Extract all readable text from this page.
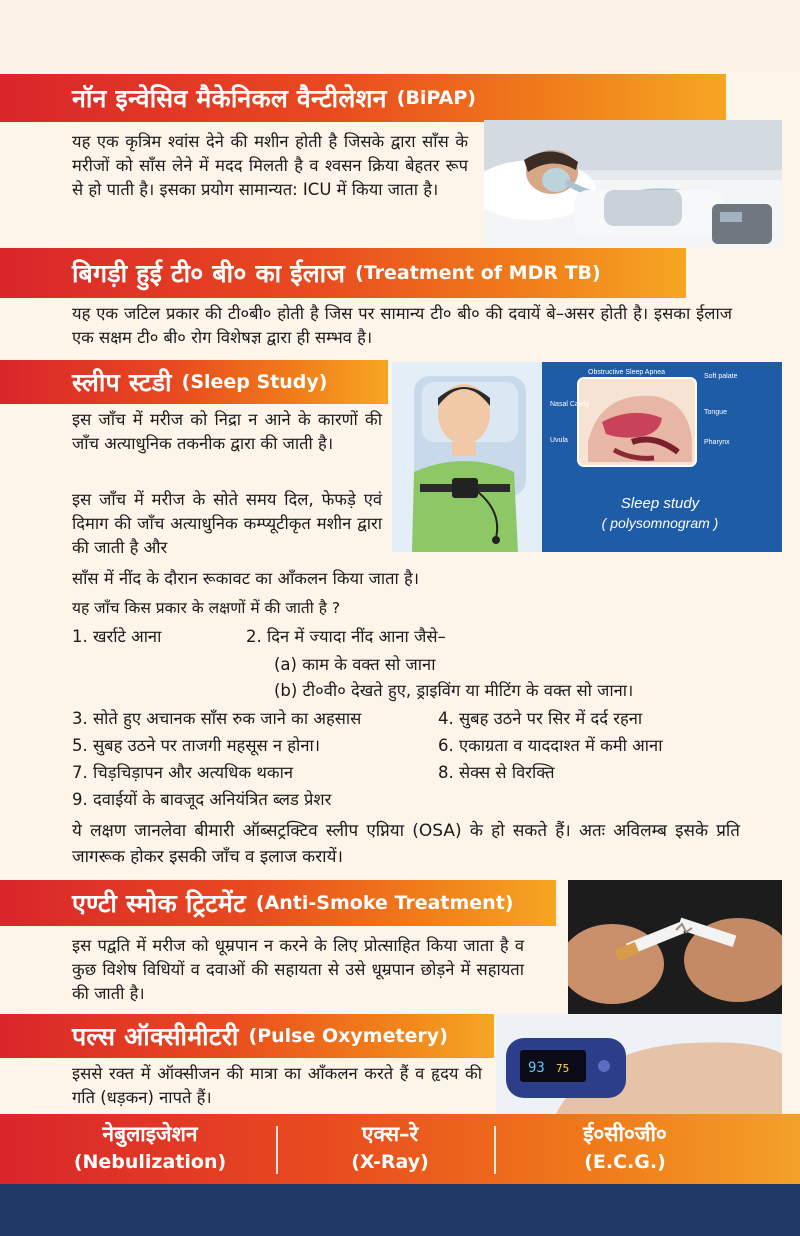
नॉन इन्वेसिव मैकेनिकल वैन्टीलेशन (BiPAP)

यह एक कृत्रिम श्वांस देने की मशीन होती है जिसके द्वारा साँस के मरीजों को साँस लेने में मदद मिलती है व श्वसन क्रिया बेहतर रूप से हो पाती है। इसका प्रयोग सामान्यत: ICU में किया जाता है।

बिगड़ी हुई टी० बी० का ईलाज (Treatment of MDR TB)

यह एक जटिल प्रकार की टी०बी० होती है जिस पर सामान्य टी० बी० की दवायें बे–असर होती है। इसका ईलाज एक सक्षम टी० बी० रोग विशेषज्ञ द्वारा ही सम्भव है।

स्लीप स्टडी (Sleep Study)

इस जाँच में मरीज को निद्रा न आने के कारणों की जाँच अत्याधुनिक तकनीक द्वारा की जाती है।

इस जाँच में मरीज के सोते समय दिल, फेफड़े एवं दिमाग की जाँच अत्याधुनिक कम्प्यूटीकृत मशीन द्वारा की जाती है और

साँस में नींद के दौरान रूकावट का आँकलन किया जाता है।

Obstructive Sleep Apnea
Soft palate
Nasal Cavity
Tongue
Uvula	Pharynx
Sleep study
( polysomnogram )

यह जाँच किस प्रकार के लक्षणों में की जाती है ?

1. खर्राटे आना	2. दिन में ज्यादा नींद आना जैसे–

(a) काम के वक्त सो जाना

(b) टी०वी० देखते हुए, ड्राइविंग या मीटिंग के वक्त सो जाना।

3. सोते हुए अचानक साँस रुक जाने का अहसास	4. सुबह उठने पर सिर में दर्द रहना

5. सुबह उठने पर ताजगी महसूस न होना।	6. एकाग्रता व याददाश्त में कमी आना

7. चिड़चिड़ापन और अत्यधिक थकान	8. सेक्स से विरक्ति

9. दवाईयों के बावजूद अनियंत्रित ब्लड प्रेशर

ये लक्षण जानलेवा बीमारी ऑब्सट्रक्टिव स्लीप एप्निया (OSA) के हो सकते हैं। अतः अविलम्ब इसके प्रति जागरूक होकर इसकी जाँच व इलाज करायें।

एण्टी स्मोक ट्रिटमेंट (Anti-Smoke Treatment)

इस पद्वति में मरीज को धूम्रपान न करने के लिए प्रोत्साहित किया जाता है व कुछ विशेष विधियों व दवाओं की सहायता से उसे धूम्रपान छोड़ने में सहायता की जाती है।

पल्स ऑक्सीमीटरी (Pulse Oxymetery)
93 75

इससे रक्त में ऑक्सीजन की मात्रा का आँकलन करते हैं व हृदय की गति (धड़कन) नापते हैं।

नेबुलाइजेशन
(Nebulization)
एक्स–रे
(X-Ray)
ई०सी०जी०
(E.C.G.)
